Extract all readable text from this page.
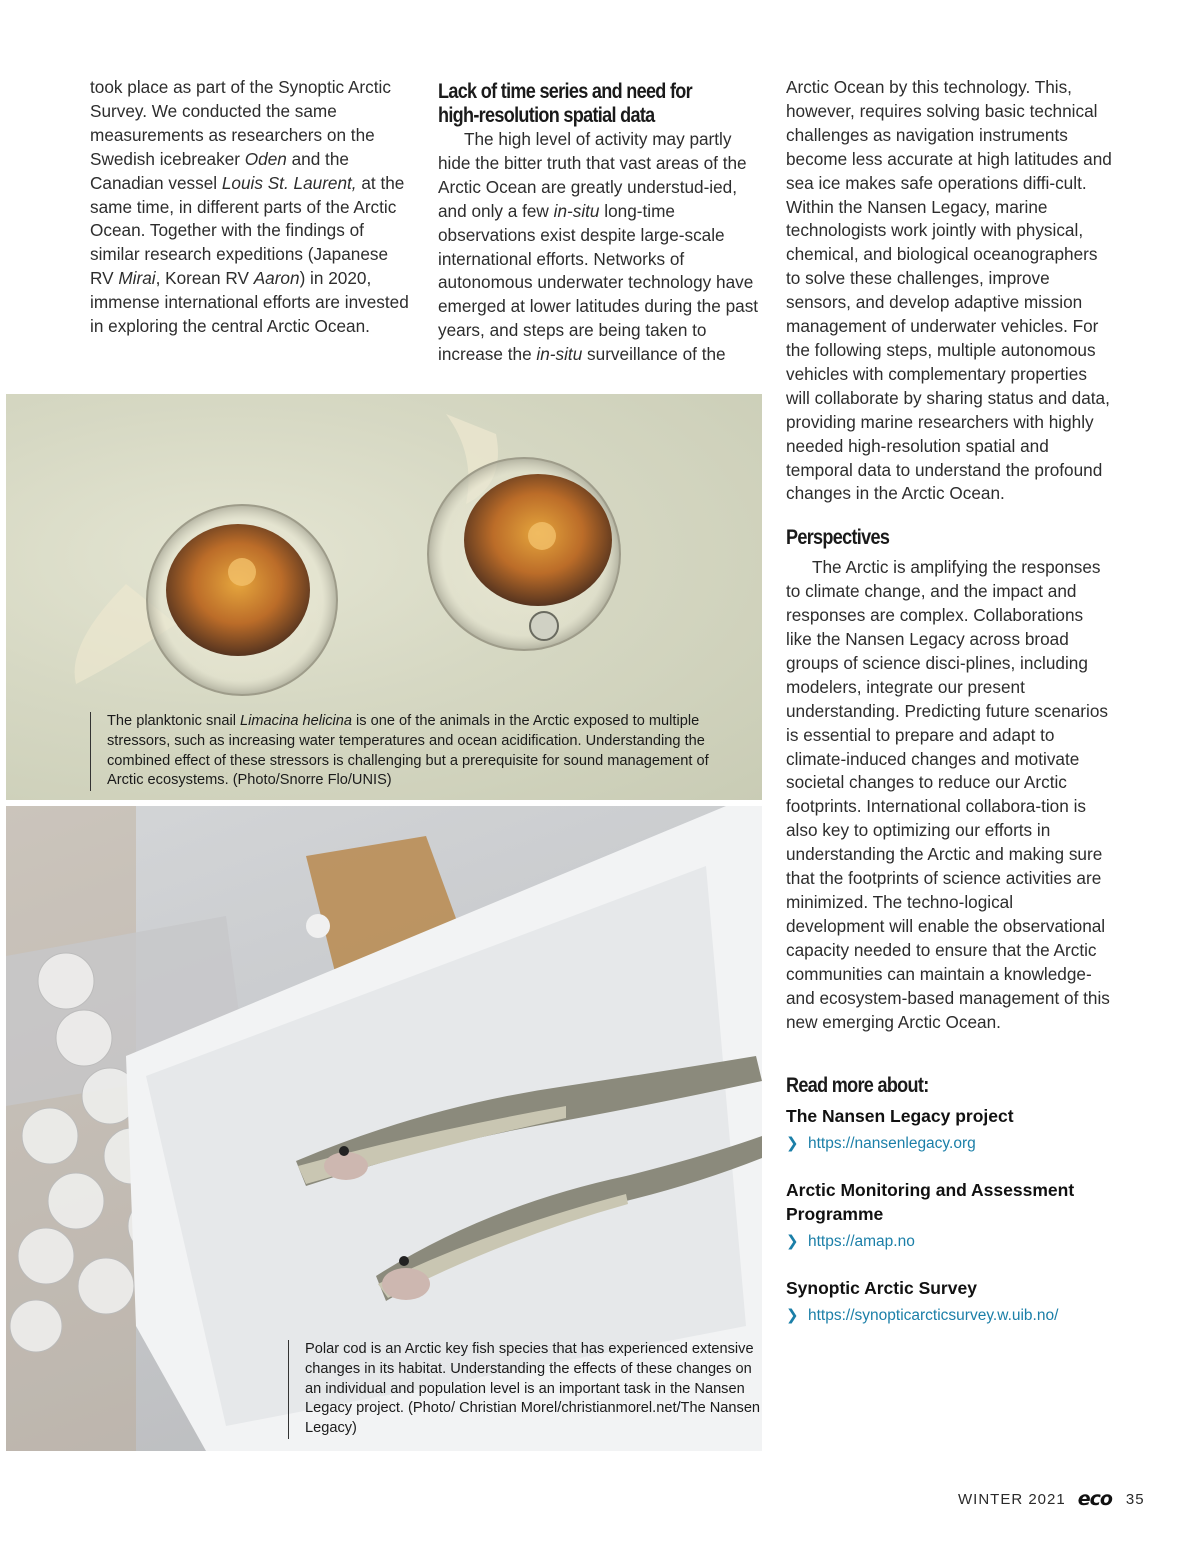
took place as part of the Synoptic Arctic Survey. We conducted the same measurements as researchers on the Swedish icebreaker Oden and the Canadian vessel Louis St. Laurent, at the same time, in different parts of the Arctic Ocean. Together with the findings of similar research expeditions (Japanese RV Mirai, Korean RV Aaron) in 2020, immense international efforts are invested in exploring the central Arctic Ocean.

Lack of time series and need for
high-resolution spatial data

The high level of activity may partly hide the bitter truth that vast areas of the Arctic Ocean are greatly understud-ied, and only a few in-situ long-time observations exist despite large-scale international efforts. Networks of autonomous underwater technology have emerged at lower latitudes during the past years, and steps are being taken to increase the in-situ surveillance of the

Arctic Ocean by this technology. This, however, requires solving basic technical challenges as navigation instruments become less accurate at high latitudes and sea ice makes safe operations diffi-cult. Within the Nansen Legacy, marine technologists work jointly with physical, chemical, and biological oceanographers to solve these challenges, improve sensors, and develop adaptive mission management of underwater vehicles. For the following steps, multiple autonomous vehicles with complementary properties will collaborate by sharing status and data, providing marine researchers with highly needed high-resolution spatial and temporal data to understand the profound changes in the Arctic Ocean.

Perspectives

The Arctic is amplifying the responses to climate change, and the impact and responses are complex. Collaborations like the Nansen Legacy across broad groups of science disci-plines, including modelers, integrate our present understanding. Predicting future scenarios is essential to prepare and adapt to climate-induced changes and motivate societal changes to reduce our Arctic footprints. International collabora-tion is also key to optimizing our efforts in understanding the Arctic and making sure that the footprints of science activities are minimized. The techno-logical development will enable the observational capacity needed to ensure that the Arctic communities can maintain a knowledge- and ecosystem-based management of this new emerging Arctic Ocean.

Read more about:
The Nansen Legacy project
❯ https://nansenlegacy.org
Arctic Monitoring and Assessment Programme
❯ https://amap.no
Synoptic Arctic Survey
❯ https://synopticarcticsurvey.w.uib.no/
The planktonic snail Limacina helicina is one of the animals in the Arctic exposed to multiple stressors, such as increasing water temperatures and ocean acidification. Understanding the combined effect of these stressors is challenging but a prerequisite for sound management of Arctic ecosystems. (Photo/Snorre Flo/UNIS)
Polar cod is an Arctic key fish species that has experienced extensive changes in its habitat. Understanding the effects of these changes on an individual and population level is an important task in the Nansen Legacy project. (Photo/ Christian Morel/christianmorel.net/The Nansen Legacy)
WINTER 2021 eco 35
